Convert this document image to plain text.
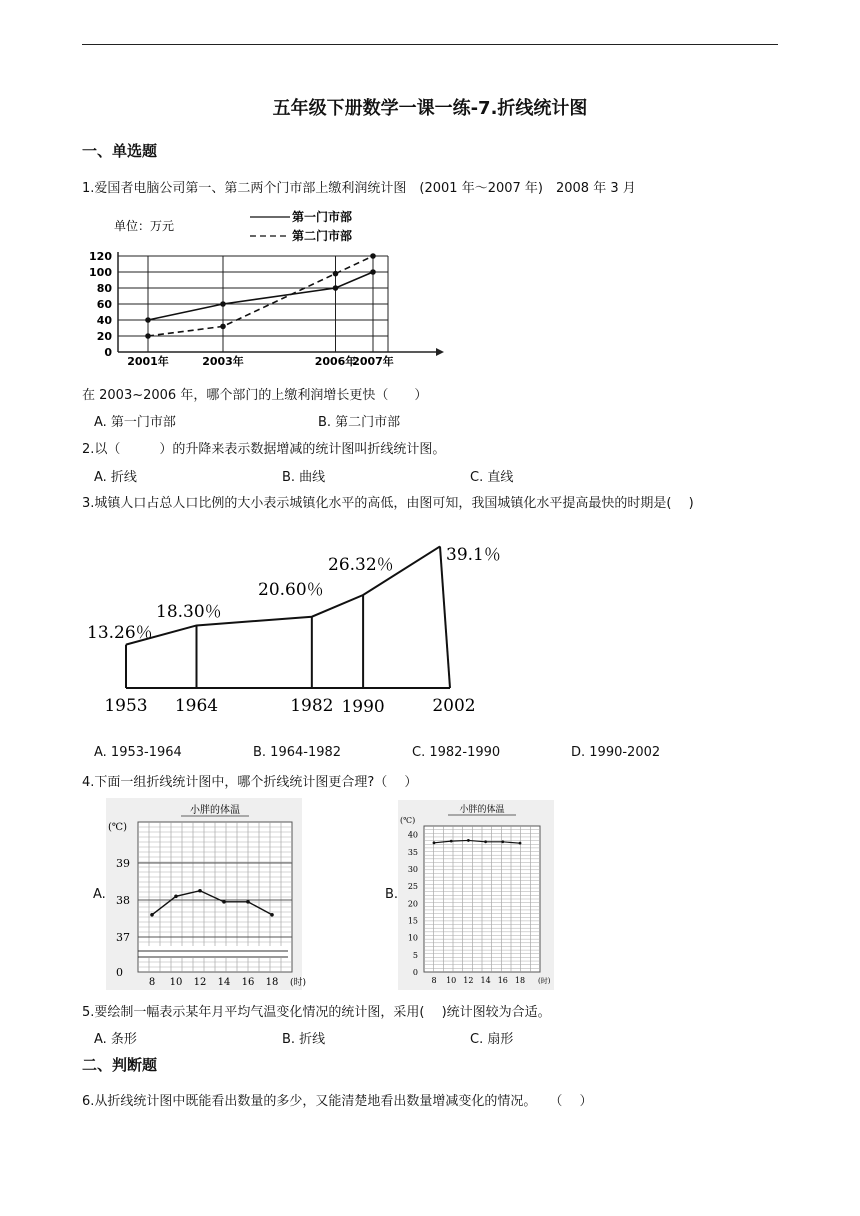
五年级下册数学一课一练-7.折线统计图
一、单选题
1.爱国者电脑公司第一、第二两个门市部上缴利润统计图　(2001 年～2007 年)　2008 年 3 月
0
20
40
60
80
100
120
2001年	2003年	2006年
2007年
单位：万元
第一门市部
第二门市部
在 2003~2006 年，哪个部门的上缴利润增长更快（　　）
A. 第一门市部	B. 第二门市部
2.以（　　　）的升降来表示数据增减的统计图叫折线统计图。
A. 折线	B. 曲线	C. 直线
3.城镇人口占总人口比例的大小表示城镇化水平的高低，由图可知，我国城镇化水平提高最快的时期是(　 )
1953 1964	1982 1990	2002
13.26％
18.30％
20.60％
26.32％	39.1％
A. 1953-1964	B. 1964-1982	C. 1982-1990	D. 1990-2002
4.下面一组折线统计图中，哪个折线统计图更合理?（　 ）
A.
小胖的体温
(℃)
8 10 12 14 16 18 (时)
0
37
38
39
B.
小胖的体温
(℃)
8 10 12 14 16 18 (时)
0
5
10
15
20
25
30
35
40
5.要绘制一幅表示某年月平均气温变化情况的统计图，采用(　 )统计图较为合适。
A. 条形	B. 折线	C. 扇形
二、判断题
6.从折线统计图中既能看出数量的多少，又能清楚地看出数量增减变化的情况。　　（　 ）
